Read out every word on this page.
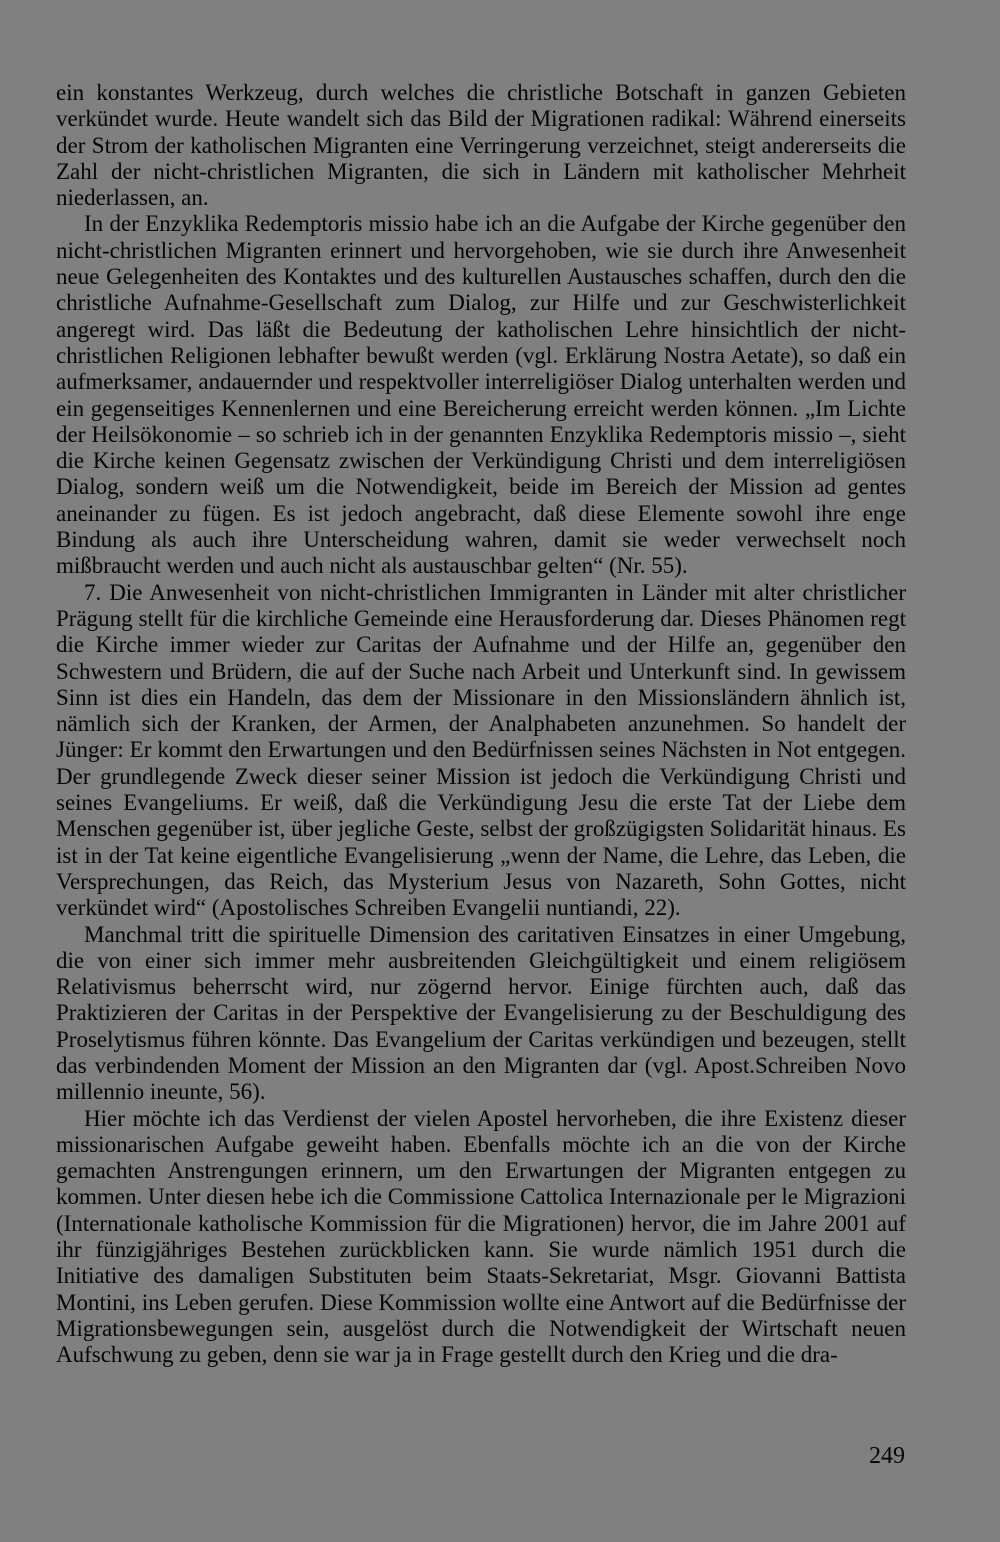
ein konstantes Werkzeug, durch welches die christliche Botschaft in ganzen Gebieten verkündet wurde. Heute wandelt sich das Bild der Migrationen radikal: Während einerseits der Strom der katholischen Migranten eine Verringerung verzeichnet, steigt andererseits die Zahl der nicht-christlichen Migranten, die sich in Ländern mit katholischer Mehrheit niederlassen, an.

In der Enzyklika Redemptoris missio habe ich an die Aufgabe der Kirche gegenüber den nicht-christlichen Migranten erinnert und hervorgehoben, wie sie durch ihre Anwesenheit neue Gelegenheiten des Kontaktes und des kulturellen Austausches schaffen, durch den die christliche Aufnahme-Gesellschaft zum Dialog, zur Hilfe und zur Geschwisterlichkeit angeregt wird. Das läßt die Bedeutung der katholischen Lehre hinsichtlich der nicht-christlichen Religionen lebhafter bewußt werden (vgl. Erklärung Nostra Aetate), so daß ein aufmerksamer, andauernder und respektvoller interreligiöser Dialog unterhalten werden und ein gegenseitiges Kennenlernen und eine Bereicherung erreicht werden können. „Im Lichte der Heilsökonomie – so schrieb ich in der genannten Enzyklika Redemptoris missio –, sieht die Kirche keinen Gegensatz zwischen der Verkündigung Christi und dem interreligiösen Dialog, sondern weiß um die Notwendigkeit, beide im Bereich der Mission ad gentes aneinander zu fügen. Es ist jedoch angebracht, daß diese Elemente sowohl ihre enge Bindung als auch ihre Unterscheidung wahren, damit sie weder verwechselt noch mißbraucht werden und auch nicht als austauschbar gelten“ (Nr. 55).

7. Die Anwesenheit von nicht-christlichen Immigranten in Länder mit alter christlicher Prägung stellt für die kirchliche Gemeinde eine Herausforderung dar. Dieses Phänomen regt die Kirche immer wieder zur Caritas der Aufnahme und der Hilfe an, gegenüber den Schwestern und Brüdern, die auf der Suche nach Arbeit und Unterkunft sind. In gewissem Sinn ist dies ein Handeln, das dem der Missionare in den Missionsländern ähnlich ist, nämlich sich der Kranken, der Armen, der Analphabeten anzunehmen. So handelt der Jünger: Er kommt den Erwartungen und den Bedürfnissen seines Nächsten in Not entgegen. Der grundlegende Zweck dieser seiner Mission ist jedoch die Verkündigung Christi und seines Evangeliums. Er weiß, daß die Verkündigung Jesu die erste Tat der Liebe dem Menschen gegenüber ist, über jegliche Geste, selbst der großzügigsten Solidarität hinaus. Es ist in der Tat keine eigentliche Evangelisierung „wenn der Name, die Lehre, das Leben, die Versprechungen, das Reich, das Mysterium Jesus von Nazareth, Sohn Gottes, nicht verkündet wird“ (Apostolisches Schreiben Evangelii nuntiandi, 22).

Manchmal tritt die spirituelle Dimension des caritativen Einsatzes in einer Umgebung, die von einer sich immer mehr ausbreitenden Gleichgültigkeit und einem religiösem Relativismus beherrscht wird, nur zögernd hervor. Einige fürchten auch, daß das Praktizieren der Caritas in der Perspektive der Evangelisierung zu der Beschuldigung des Proselytismus führen könnte. Das Evangelium der Caritas verkündigen und bezeugen, stellt das verbindenden Moment der Mission an den Migranten dar (vgl. Apost.Schreiben Novo millennio ineunte, 56).

Hier möchte ich das Verdienst der vielen Apostel hervorheben, die ihre Existenz dieser missionarischen Aufgabe geweiht haben. Ebenfalls möchte ich an die von der Kirche gemachten Anstrengungen erinnern, um den Erwartungen der Migranten entgegen zu kommen. Unter diesen hebe ich die Commissione Cattolica Internazionale per le Migrazioni (Internationale katholische Kommission für die Migrationen) hervor, die im Jahre 2001 auf ihr fünzigjähriges Bestehen zurückblicken kann. Sie wurde nämlich 1951 durch die Initiative des damaligen Substituten beim Staats-Sekretariat, Msgr. Giovanni Battista Montini, ins Leben gerufen. Diese Kommission wollte eine Antwort auf die Bedürfnisse der Migrationsbewegungen sein, ausgelöst durch die Notwendigkeit der Wirtschaft neuen Aufschwung zu geben, denn sie war ja in Frage gestellt durch den Krieg und die dra-

249
